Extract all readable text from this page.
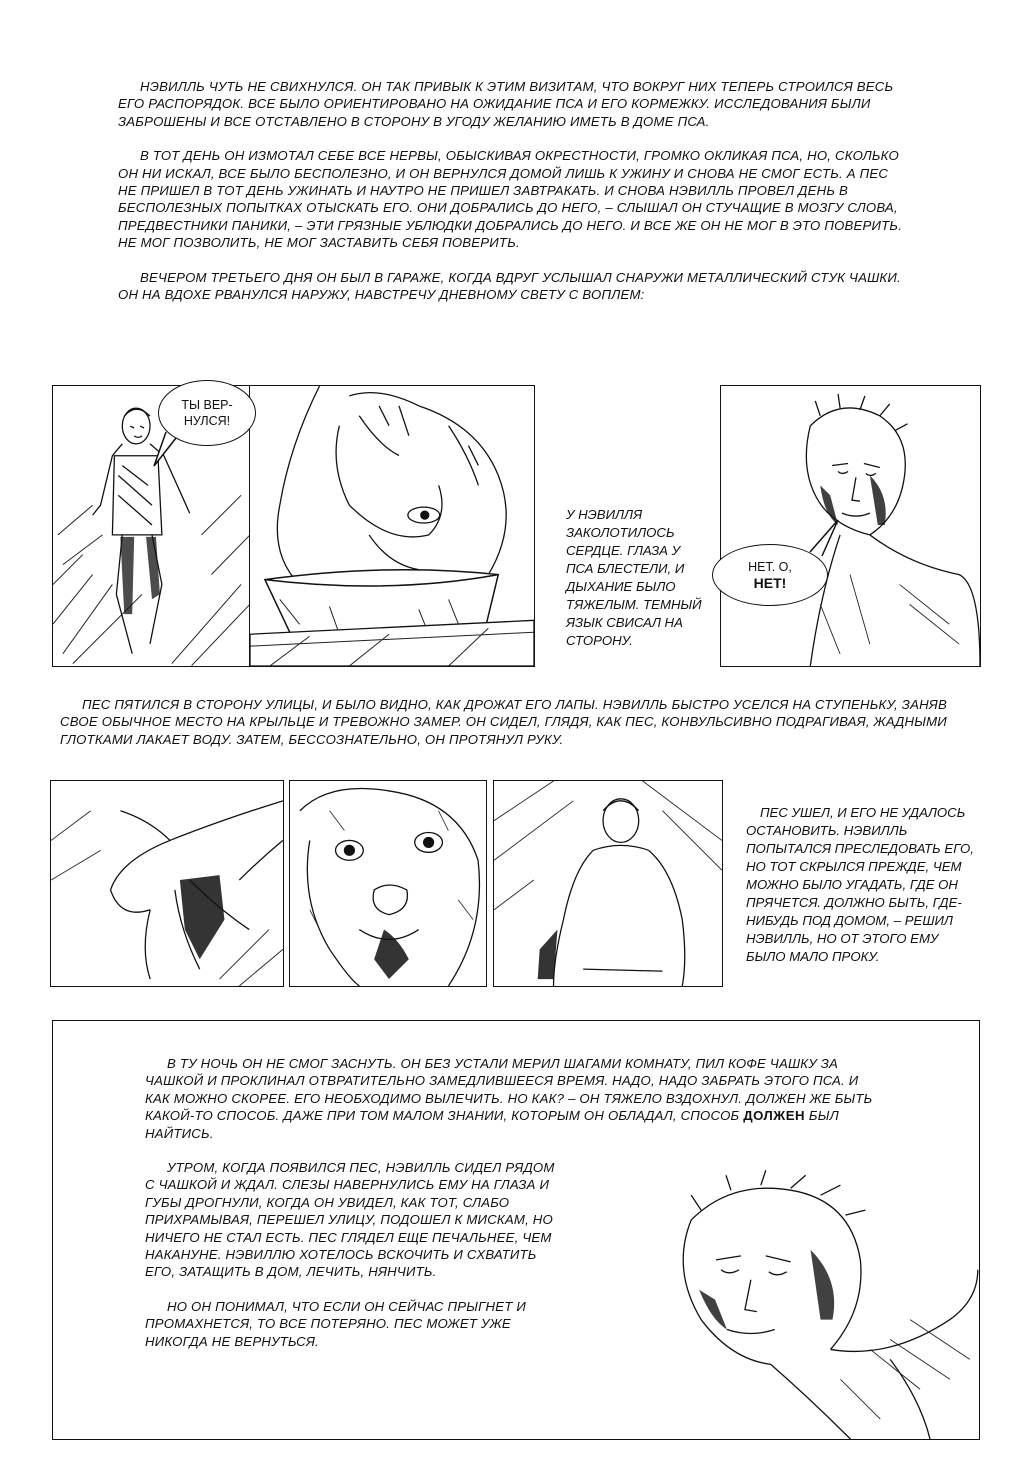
НЭВИЛЛЬ ЧУТЬ НЕ СВИХНУЛСЯ. ОН ТАК ПРИВЫК К ЭТИМ ВИЗИТАМ, ЧТО ВОКРУГ НИХ ТЕПЕРЬ СТРОИЛСЯ ВЕСЬ ЕГО РАСПОРЯДОК. ВСЕ БЫЛО ОРИЕНТИРОВАНО НА ОЖИДАНИЕ ПСА И ЕГО КОРМЕЖКУ. ИССЛЕДОВАНИЯ БЫЛИ ЗАБРОШЕНЫ И ВСЕ ОТСТАВЛЕНО В СТОРОНУ В УГОДУ ЖЕЛАНИЮ ИМЕТЬ В ДОМЕ ПСА.

В ТОТ ДЕНЬ ОН ИЗМОТАЛ СЕБЕ ВСЕ НЕРВЫ, ОБЫСКИВАЯ ОКРЕСТНОСТИ, ГРОМКО ОКЛИКАЯ ПСА, НО, СКОЛЬКО ОН НИ ИСКАЛ, ВСЕ БЫЛО БЕСПОЛЕЗНО, И ОН ВЕРНУЛСЯ ДОМОЙ ЛИШЬ К УЖИНУ И СНОВА НЕ СМОГ ЕСТЬ. А ПЕС НЕ ПРИШЕЛ В ТОТ ДЕНЬ УЖИНАТЬ И НАУТРО НЕ ПРИШЕЛ ЗАВТРАКАТЬ. И СНОВА НЭВИЛЛЬ ПРОВЕЛ ДЕНЬ В БЕСПОЛЕЗНЫХ ПОПЫТКАХ ОТЫСКАТЬ ЕГО. ОНИ ДОБРАЛИСЬ ДО НЕГО, – СЛЫШАЛ ОН СТУЧАЩИЕ В МОЗГУ СЛОВА, ПРЕДВЕСТНИКИ ПАНИКИ, – ЭТИ ГРЯЗНЫЕ УБЛЮДКИ ДОБРАЛИСЬ ДО НЕГО. И ВСЕ ЖЕ ОН НЕ МОГ В ЭТО ПОВЕРИТЬ. НЕ МОГ ПОЗВОЛИТЬ, НЕ МОГ ЗАСТАВИТЬ СЕБЯ ПОВЕРИТЬ.

ВЕЧЕРОМ ТРЕТЬЕГО ДНЯ ОН БЫЛ В ГАРАЖЕ, КОГДА ВДРУГ УСЛЫШАЛ СНАРУЖИ МЕТАЛЛИЧЕСКИЙ СТУК ЧАШКИ. ОН НА ВДОХЕ РВАНУЛСЯ НАРУЖУ, НАВСТРЕЧУ ДНЕВНОМУ СВЕТУ С ВОПЛЕМ:

ТЫ ВЕР-
НУЛСЯ!
У НЭВИЛЛЯ ЗАКОЛОТИЛОСЬ СЕРДЦЕ. ГЛАЗА У ПСА БЛЕСТЕЛИ, И ДЫХАНИЕ БЫЛО ТЯЖЕЛЫМ. ТЕМНЫЙ ЯЗЫК СВИСАЛ НА СТОРОНУ.
НЕТ. О,
НЕТ!

ПЕС ПЯТИЛСЯ В СТОРОНУ УЛИЦЫ, И БЫЛО ВИДНО, КАК ДРОЖАТ ЕГО ЛАПЫ. НЭВИЛЛЬ БЫСТРО УСЕЛСЯ НА СТУПЕНЬКУ, ЗАНЯВ СВОЕ ОБЫЧНОЕ МЕСТО НА КРЫЛЬЦЕ И ТРЕВОЖНО ЗАМЕР. ОН СИДЕЛ, ГЛЯДЯ, КАК ПЕС, КОНВУЛЬСИВНО ПОДРАГИВАЯ, ЖАДНЫМИ ГЛОТКАМИ ЛАКАЕТ ВОДУ. ЗАТЕМ, БЕССОЗНАТЕЛЬНО, ОН ПРОТЯНУЛ РУКУ.

ПЕС УШЕЛ, И ЕГО НЕ УДАЛОСЬ ОСТАНОВИТЬ. НЭВИЛЛЬ ПОПЫТАЛСЯ ПРЕСЛЕДОВАТЬ ЕГО, НО ТОТ СКРЫЛСЯ ПРЕЖДЕ, ЧЕМ МОЖНО БЫЛО УГАДАТЬ, ГДЕ ОН ПРЯЧЕТСЯ. ДОЛЖНО БЫТЬ, ГДЕ-НИБУДЬ ПОД ДОМОМ, – РЕШИЛ НЭВИЛЛЬ, НО ОТ ЭТОГО ЕМУ БЫЛО МАЛО ПРОКУ.

В ТУ НОЧЬ ОН НЕ СМОГ ЗАСНУТЬ. ОН БЕЗ УСТАЛИ МЕРИЛ ШАГАМИ КОМНАТУ, ПИЛ КОФЕ ЧАШКУ ЗА ЧАШКОЙ И ПРОКЛИНАЛ ОТВРАТИТЕЛЬНО ЗАМЕДЛИВШЕЕСЯ ВРЕМЯ. НАДО, НАДО ЗАБРАТЬ ЭТОГО ПСА. И КАК МОЖНО СКОРЕЕ. ЕГО НЕОБХОДИМО ВЫЛЕЧИТЬ. НО КАК? – ОН ТЯЖЕЛО ВЗДОХНУЛ. ДОЛЖЕН ЖЕ БЫТЬ КАКОЙ-ТО СПОСОБ. ДАЖЕ ПРИ ТОМ МАЛОМ ЗНАНИИ, КОТОРЫМ ОН ОБЛАДАЛ, СПОСОБ ДОЛЖЕН БЫЛ НАЙТИСЬ.

УТРОМ, КОГДА ПОЯВИЛСЯ ПЕС, НЭВИЛЛЬ СИДЕЛ РЯДОМ С ЧАШКОЙ И ЖДАЛ. СЛЕЗЫ НАВЕРНУЛИСЬ ЕМУ НА ГЛАЗА И ГУБЫ ДРОГНУЛИ, КОГДА ОН УВИДЕЛ, КАК ТОТ, СЛАБО ПРИХРАМЫВАЯ, ПЕРЕШЕЛ УЛИЦУ, ПОДОШЕЛ К МИСКАМ, НО НИЧЕГО НЕ СТАЛ ЕСТЬ. ПЕС ГЛЯДЕЛ ЕЩЕ ПЕЧАЛЬНЕЕ, ЧЕМ НАКАНУНЕ. НЭВИЛЛЮ ХОТЕЛОСЬ ВСКОЧИТЬ И СХВАТИТЬ ЕГО, ЗАТАЩИТЬ В ДОМ, ЛЕЧИТЬ, НЯНЧИТЬ.

НО ОН ПОНИМАЛ, ЧТО ЕСЛИ ОН СЕЙЧАС ПРЫГНЕТ И ПРОМАХНЕТСЯ, ТО ВСЕ ПОТЕРЯНО. ПЕС МОЖЕТ УЖЕ НИКОГДА НЕ ВЕРНУТЬСЯ.
